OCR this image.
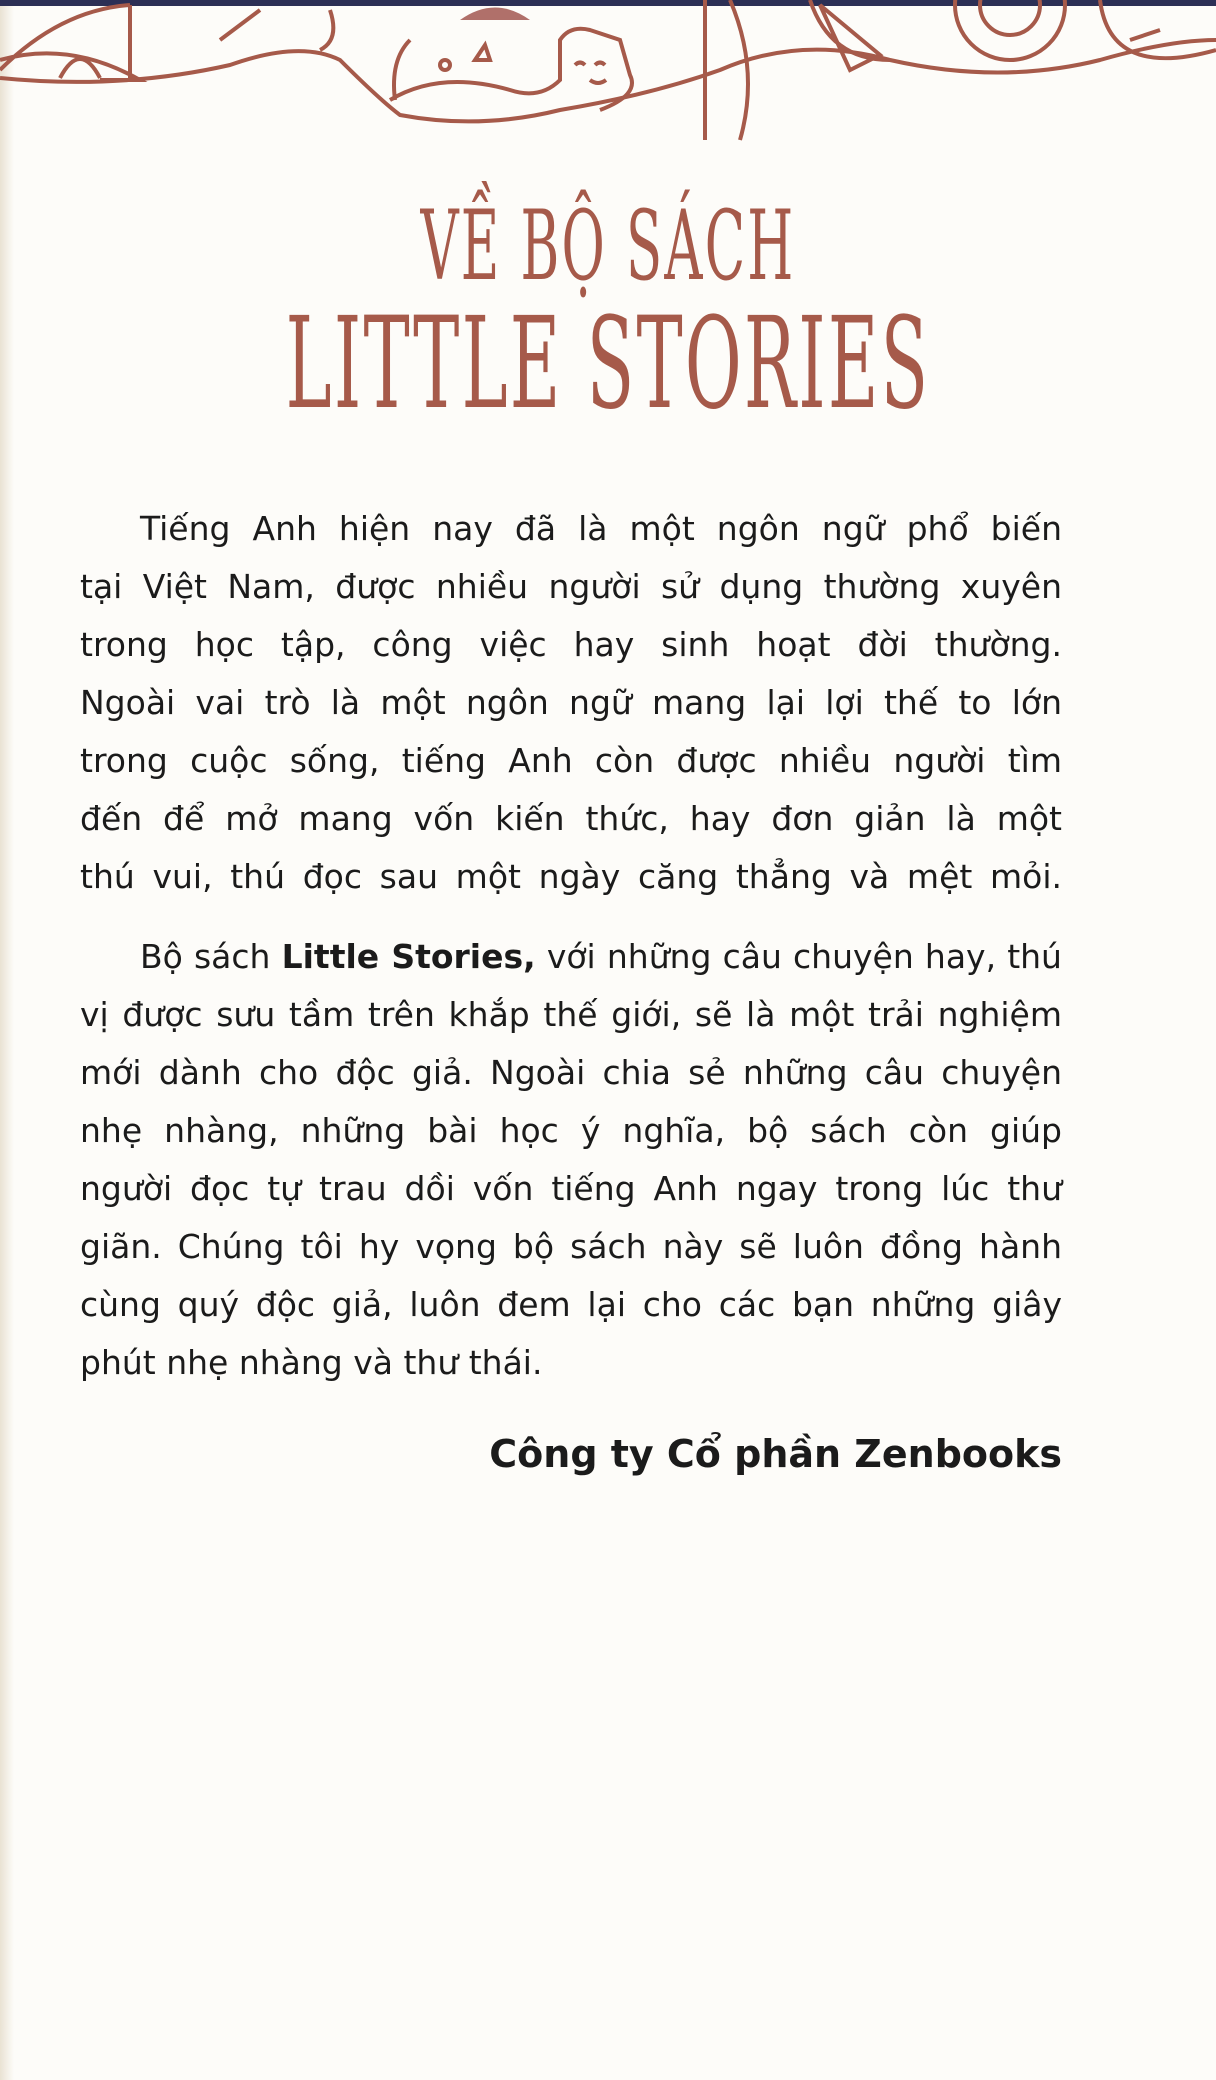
VỀ BỘ SÁCH
LITTLE STORIES
Tiếng Anh hiện nay đã là một ngôn ngữ phổ biến
tại Việt Nam, được nhiều người sử dụng thường xuyên
trong học tập, công việc hay sinh hoạt đời thường.
Ngoài vai trò là một ngôn ngữ mang lại lợi thế to lớn
trong cuộc sống, tiếng Anh còn được nhiều người tìm
đến để mở mang vốn kiến thức, hay đơn giản là một
thú vui, thú đọc sau một ngày căng thẳng và mệt mỏi.
Bộ sách Little Stories, với những câu chuyện hay, thú
vị được sưu tầm trên khắp thế giới, sẽ là một trải nghiệm
mới dành cho độc giả. Ngoài chia sẻ những câu chuyện
nhẹ nhàng, những bài học ý nghĩa, bộ sách còn giúp
người đọc tự trau dồi vốn tiếng Anh ngay trong lúc thư
giãn. Chúng tôi hy vọng bộ sách này sẽ luôn đồng hành
cùng quý độc giả, luôn đem lại cho các bạn những giây
phút nhẹ nhàng và thư thái.
Công ty Cổ phần Zenbooks
